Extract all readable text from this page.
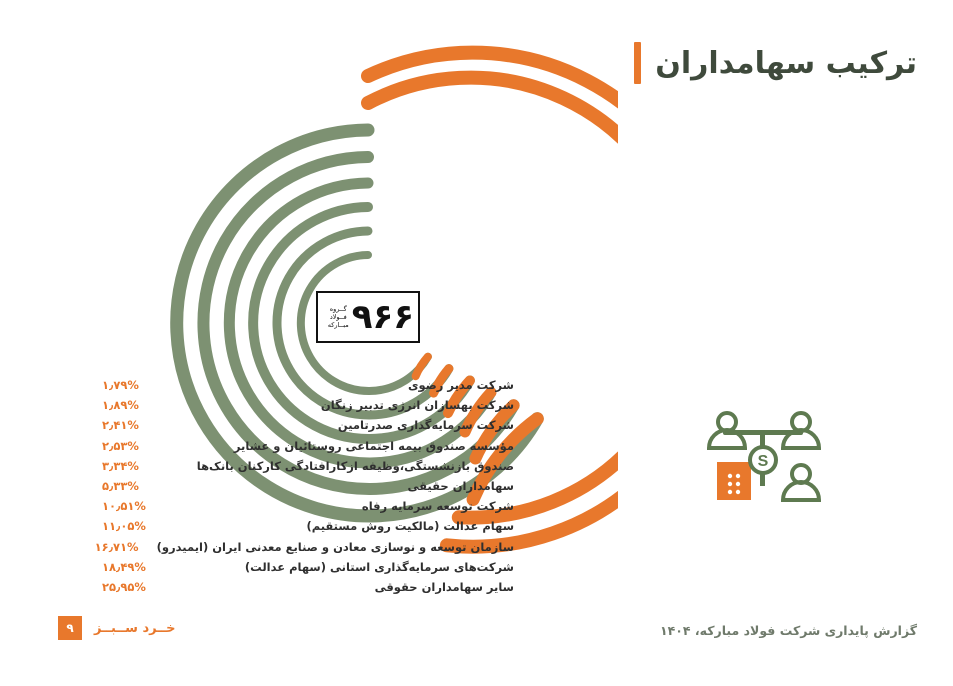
ترکیب سهامداران
۹۶۶
گــروه
فــولاد
مبــارکه
شرکت مدیر رضوی
۱٫۷۹%
شرکت بهسازان انرژی تدبیر زنگان
۱٫۸۹%
شرکت سرمایه‌گذاری صدرتامین
۲٫۴۱%
مؤسسه صندوق بیمه اجتماعی روستائیان و عشایر
۲٫۵۳%
صندوق بازنشستگی،وظیفه ازکارافتادگی کارکنان بانک‌ها
۳٫۳۴%
سهامداران حقیقی
۵٫۳۳%
شرکت توسعه سرمایه رفاه
۱۰٫۵۱%
سهام عدالت (مالکیت روش مستقیم)
۱۱٫۰۵%
سازمان توسعه و نوسازی معادن و صنایع معدنی ایران (ایمیدرو)
۱۶٫۷۱%
شرکت‌های سرمایه‌گذاری استانی (سهام عدالت)
۱۸٫۴۹%
سایر سهامداران حقوقی
۲۵٫۹۵%
S
۹	خــرد ســبــز	گزارش پایداری شرکت فولاد مبارکه، ۱۴۰۴
